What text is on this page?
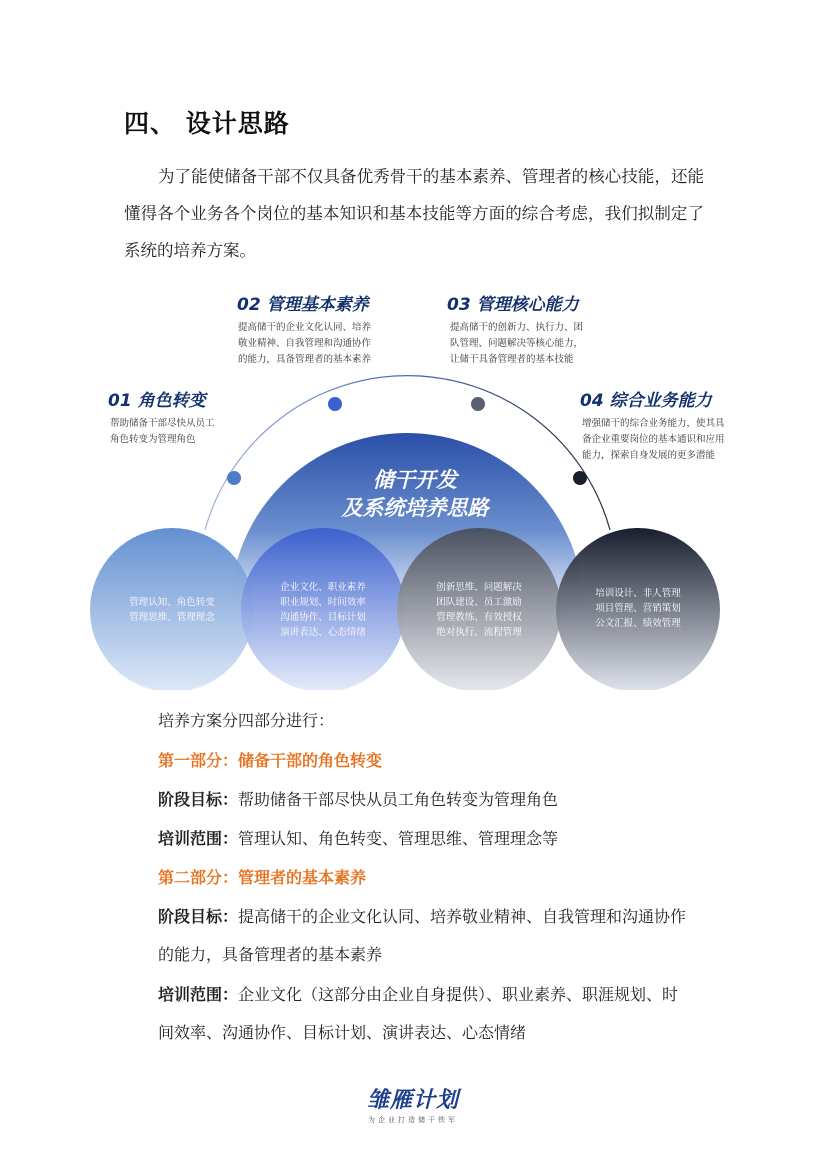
四、 设计思路
为了能使储备干部不仅具备优秀骨干的基本素养、管理者的核心技能，还能懂得各个业务各个岗位的基本知识和基本技能等方面的综合考虑，我们拟制定了系统的培养方案。
储干开发
及系统培养思路
01 角色转变
帮助储备干部尽快从员工
角色转变为管理角色
02 管理基本素养
提高储干的企业文化认同、培养
敬业精神、自我管理和沟通协作
的能力，具备管理者的基本素养
03 管理核心能力
提高储干的创新力、执行力、团
队管理、问题解决等核心能力，
让储干具备管理者的基本技能
04 综合业务能力
增强储干的综合业务能力，使其具
备企业重要岗位的基本通识和应用
能力，探索自身发展的更多潜能
管理认知、角色转变
管理思维、管理理念
企业文化、职业素养
职业规划、时间效率
沟通协作、目标计划
演讲表达、心态情绪
创新思维、问题解决
团队建设、员工激励
管理教练、有效授权
绝对执行、流程管理
培训设计、非人管理
项目管理、营销策划
公文汇报、绩效管理
培养方案分四部分进行：
第一部分：储备干部的角色转变
阶段目标：帮助储备干部尽快从员工角色转变为管理角色
培训范围：管理认知、角色转变、管理思维、管理理念等
第二部分：管理者的基本素养
阶段目标：提高储干的企业文化认同、培养敬业精神、自我管理和沟通协作
的能力，具备管理者的基本素养
培训范围：企业文化（这部分由企业自身提供）、职业素养、职涯规划、时
间效率、沟通协作、目标计划、演讲表达、心态情绪
雏雁计划
为企业打造储干铁军
